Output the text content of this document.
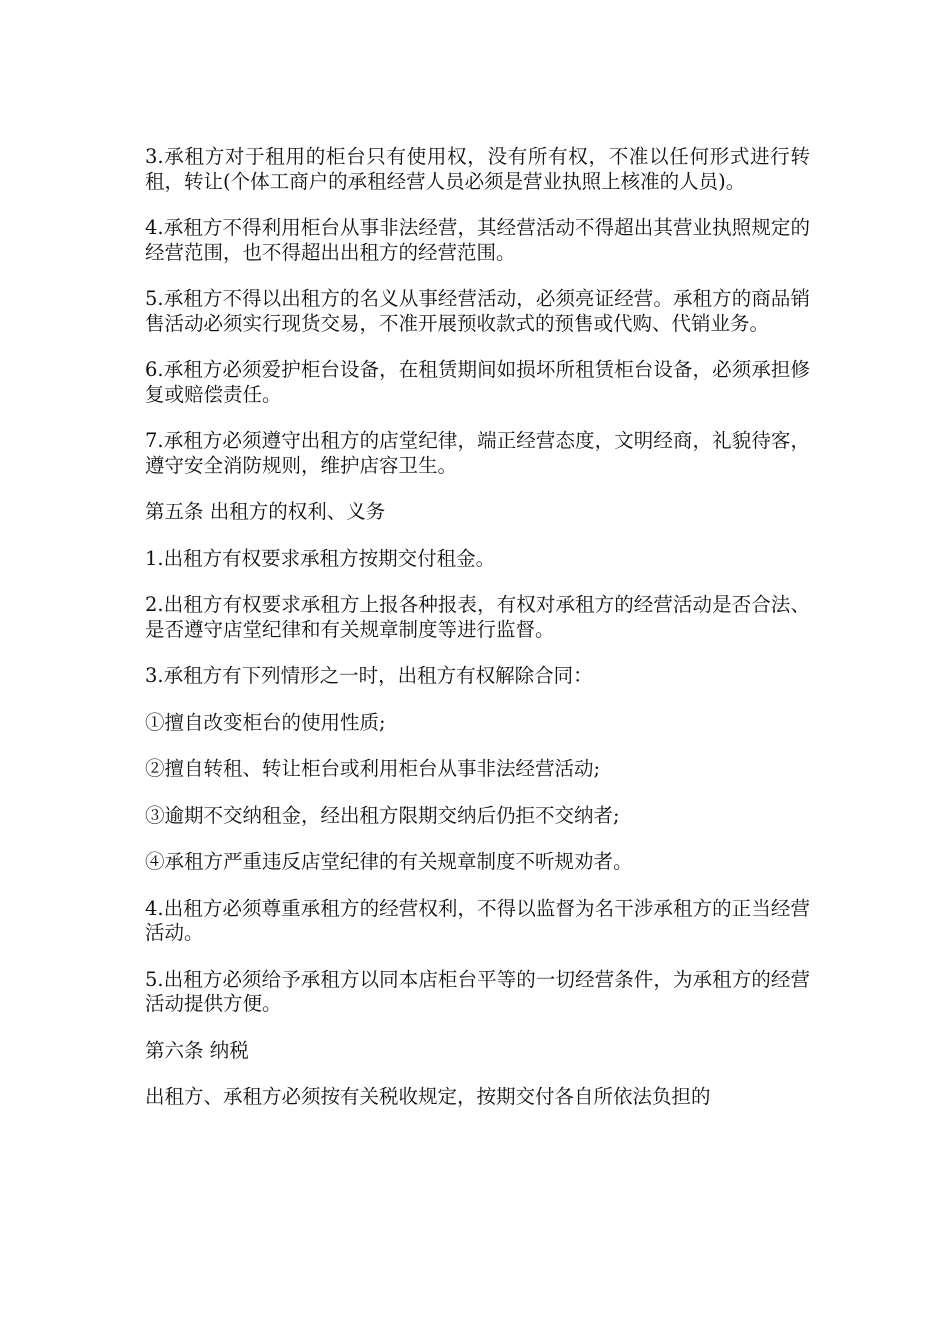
3.承租方对于租用的柜台只有使用权，没有所有权，不准以任何形式进行转租，转让(个体工商户的承租经营人员必须是营业执照上核准的人员)。

4.承租方不得利用柜台从事非法经营，其经营活动不得超出其营业执照规定的经营范围，也不得超出出租方的经营范围。

5.承租方不得以出租方的名义从事经营活动，必须亮证经营。承租方的商品销售活动必须实行现货交易，不准开展预收款式的预售或代购、代销业务。

6.承租方必须爱护柜台设备，在租赁期间如损坏所租赁柜台设备，必须承担修复或赔偿责任。

7.承租方必须遵守出租方的店堂纪律，端正经营态度，文明经商，礼貌待客，遵守安全消防规则，维护店容卫生。

第五条 出租方的权利、义务

1.出租方有权要求承租方按期交付租金。

2.出租方有权要求承租方上报各种报表，有权对承租方的经营活动是否合法、是否遵守店堂纪律和有关规章制度等进行监督。

3.承租方有下列情形之一时，出租方有权解除合同：

①擅自改变柜台的使用性质;

②擅自转租、转让柜台或利用柜台从事非法经营活动;

③逾期不交纳租金，经出租方限期交纳后仍拒不交纳者;

④承租方严重违反店堂纪律的有关规章制度不听规劝者。

4.出租方必须尊重承租方的经营权利，不得以监督为名干涉承租方的正当经营活动。

5.出租方必须给予承租方以同本店柜台平等的一切经营条件，为承租方的经营活动提供方便。

第六条 纳税

出租方、承租方必须按有关税收规定，按期交付各自所依法负担的
